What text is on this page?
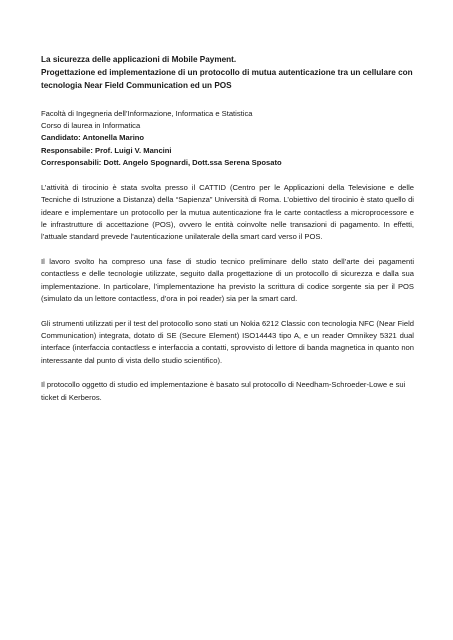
La sicurezza delle applicazioni di Mobile Payment.
Progettazione ed implementazione di un protocollo di mutua autenticazione tra un cellulare con tecnologia Near Field Communication ed un POS
Facoltà di Ingegneria dell’Informazione, Informatica e Statistica
Corso di laurea in Informatica
Candidato: Antonella Marino
Responsabile: Prof. Luigi V. Mancini
Corresponsabili: Dott. Angelo Spognardi, Dott.ssa Serena Sposato

L’attività di tirocinio è stata svolta presso il CATTID (Centro per le Applicazioni della Televisione e delle Tecniche di Istruzione a Distanza) della “Sapienza” Università di Roma. L’obiettivo del tirocinio è stato quello di ideare e implementare un protocollo per la mutua autenticazione fra le carte contactless a microprocessore e le infrastrutture di accettazione (POS), ovvero le entità coinvolte nelle transazioni di pagamento. In effetti, l’attuale standard prevede l’autenticazione unilaterale della smart card verso il POS.

Il lavoro svolto ha compreso una fase di studio tecnico preliminare dello stato dell’arte dei pagamenti contactless e delle tecnologie utilizzate, seguito dalla progettazione di un protocollo di sicurezza e dalla sua implementazione. In particolare, l’implementazione ha previsto la scrittura di codice sorgente sia per il POS (simulato da un lettore contactless, d’ora in poi reader) sia per la smart card.

Gli strumenti utilizzati per il test del protocollo sono stati un Nokia 6212 Classic con tecnologia NFC (Near Field Communication) integrata, dotato di SE (Secure Element) ISO14443 tipo A, e un reader Omnikey 5321 dual interface (interfaccia contactless e interfaccia a contatti, sprovvisto di lettore di banda magnetica in quanto non interessante dal punto di vista dello studio scientifico).

Il protocollo oggetto di studio ed implementazione è basato sul protocollo di Needham-Schroeder-Lowe e sui ticket di Kerberos.
